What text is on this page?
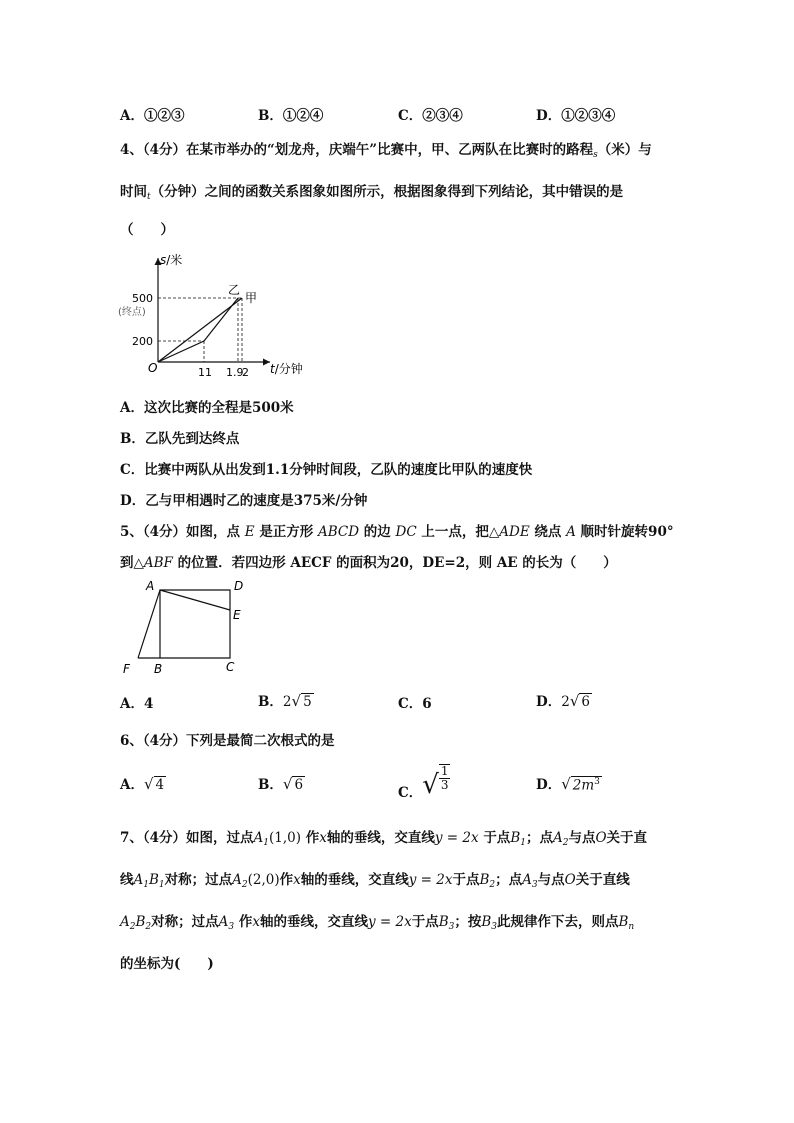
A．①②③	B．①②④	C．②③④	D．①②③④
4、（4分）在某市举办的“划龙舟，庆端午”比赛中，甲、乙两队在比赛时的路程$_s$（米）与
时间$_t$（分钟）之间的函数关系图象如图所示，根据图象得到下列结论，其中错误的是
（　　）
s/米
500
(终点)
200
O	11 1.9
2 t/分钟
乙
甲
A．这次比赛的全程是500米
B．乙队先到达终点
C．比赛中两队从出发到1.1分钟时间段，乙队的速度比甲队的速度快
D．乙与甲相遇时乙的速度是375米/分钟
5、（4分）如图，点 E 是正方形 ABCD 的边 DC 上一点，把△ADE 绕点 A 顺时针旋转90°
到△ABF 的位置．若四边形 AECF 的面积为20，DE=2，则 AE 的长为（　　）
A	D
E
F B	C
A．4	B．2√ 5	C．6	D．2√ 6
6、（4分）下列是最简二次根式的是
A．√ 4	B．√ 6	C．√ $\frac{1}{3}$	D．√ $2m^3$
7、（4分）如图，过点$A_1(1,0)$ 作x轴的垂线，交直线y = 2x 于点$B_1$；点$A_2$与点O关于直
线$A_1B_1$对称；过点$A_2(2,0)$作x轴的垂线，交直线y = 2x于点$B_2$；点$A_3$与点O关于直线
$A_2B_2$对称；过点$A_3$ 作x轴的垂线，交直线y = 2x于点$B_3$；按$B_3$此规律作下去，则点$B_n$
的坐标为(　　)
